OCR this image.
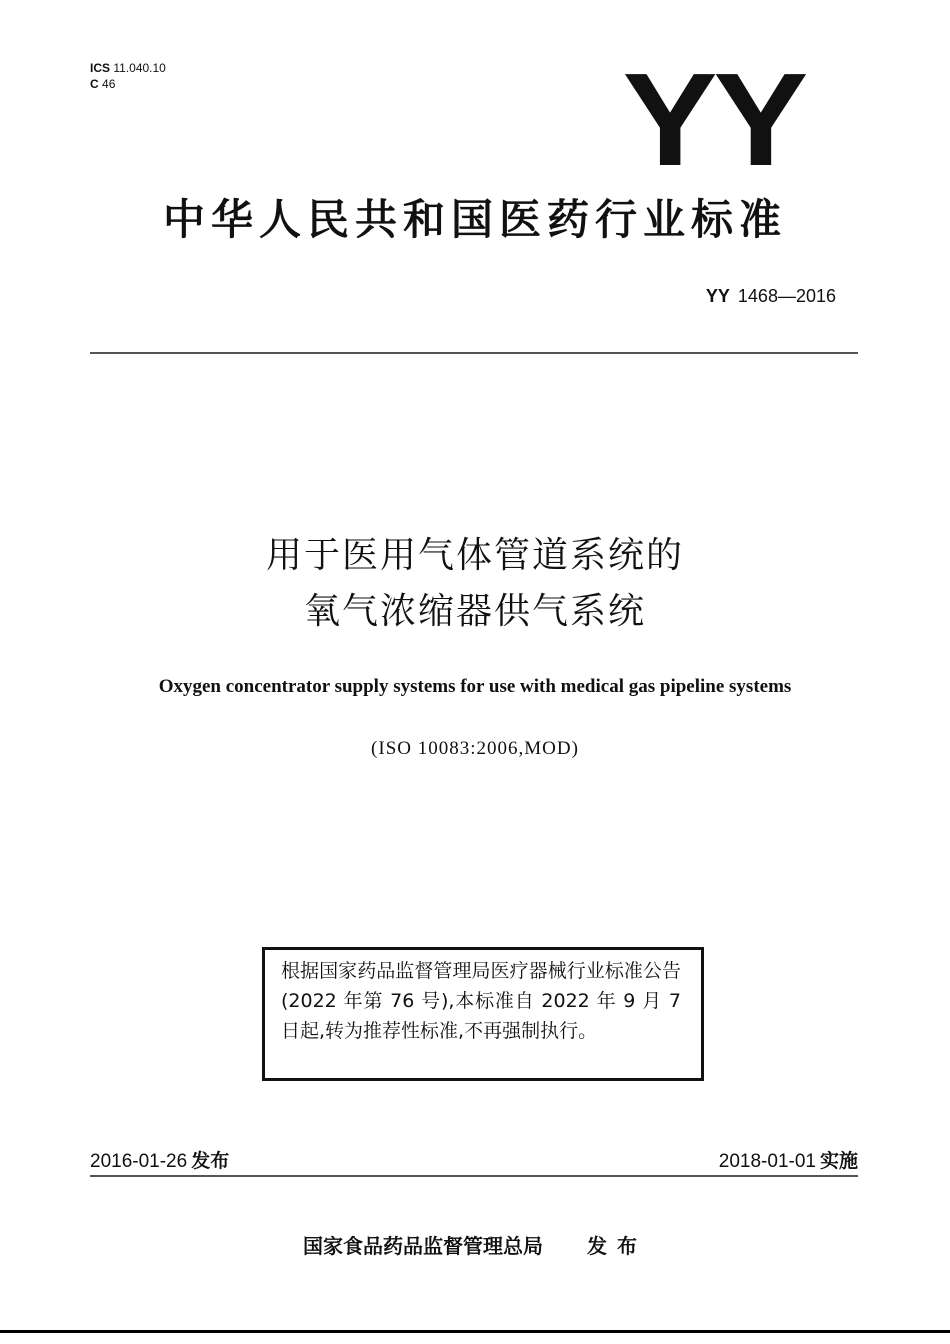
ICS 11.040.10
C 46	YY
中华人民共和国医药行业标准
YY 1468—2016
用于医用气体管道系统的
氧气浓缩器供气系统
Oxygen concentrator supply systems for use with medical gas pipeline systems
(ISO 10083:2006,MOD)

根据国家药品监督管理局医疗器械行业标准公告(2022 年第 76 号),本标准自 2022 年 9 月 7 日起,转为推荐性标准,不再强制执行。

2016-01-26 发布	2018-01-01 实施
国家食品药品监督管理总局 发布
